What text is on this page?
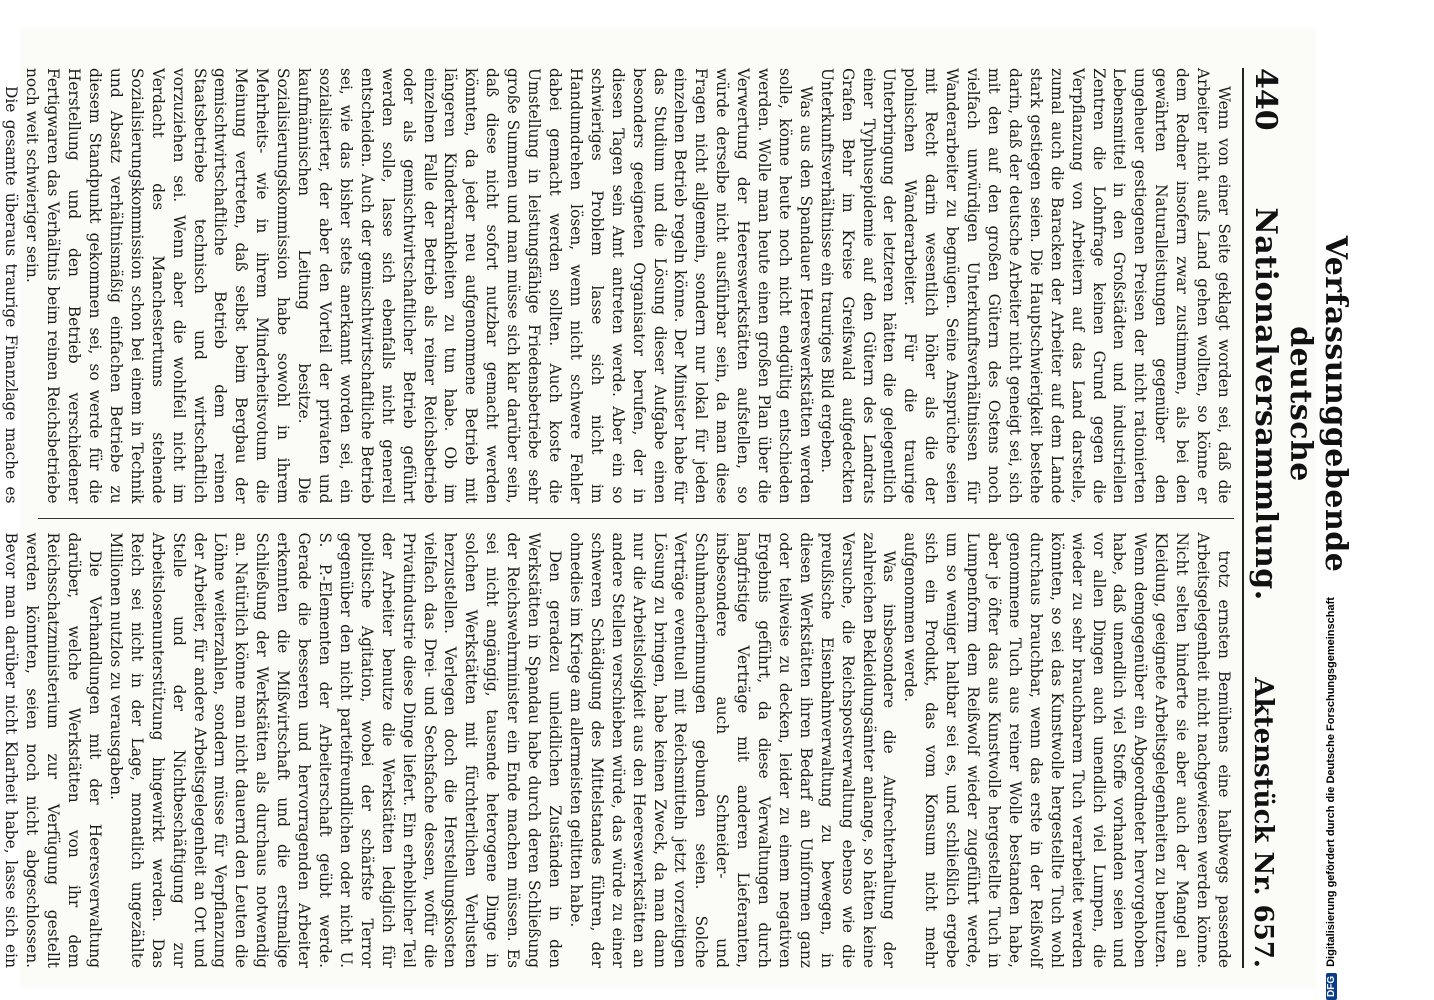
440
Verfassunggebende deutsche Nationalversammlung.
Aktenstück Nr. 657.

Wenn von einer Seite geklagt worden sei, daß die Arbeiter nicht aufs Land gehen wollten, so könne er dem Redner insofern zwar zustimmen, als bei den gewährten Naturalleistungen gegenüber den ungeheuer gestiegenen Preisen der nicht rationierten Lebensmittel in den Großstädten und industriellen Zentren die Lohnfrage keinen Grund gegen die Verpflanzung von Arbeitern auf das Land darstelle, zumal auch die Baracken der Arbeiter auf dem Lande stark gestiegen seien. Die Hauptschwierigkeit bestehe darin, daß der deutsche Arbeiter nicht geneigt sei, sich mit den auf den großen Gütern des Ostens noch vielfach unwürdigen Unterkunftsverhältnissen für Wanderarbeiter zu begnügen. Seine Ansprüche seien mit Recht darin wesentlich höher als die der polnischen Wanderarbeiter. Für die traurige Unterbringung der letzteren hätten die gelegentlich einer Typhusepidemie auf den Gütern des Landrats Grafen Behr im Kreise Greifswald aufgedeckten Unterkunftsverhältnisse ein trauriges Bild ergeben.

Was aus den Spandauer Heereswerkstätten werden solle, könne heute noch nicht endgültig entschieden werden. Wolle man heute einen großen Plan über die Verwertung der Heereswerkstätten aufstellen, so würde derselbe nicht ausführbar sein, da man diese Fragen nicht allgemein, sondern nur lokal für jeden einzelnen Betrieb regeln könne. Der Minister habe für das Studium und die Lösung dieser Aufgabe einen besonders geeigneten Organisator berufen, der in diesen Tagen sein Amt antreten werde. Aber ein so schwieriges Problem lasse sich nicht im Handumdrehen lösen, wenn nicht schwere Fehler dabei gemacht werden sollten. Auch koste die Umstellung in leistungsfähige Friedensbetriebe sehr große Summen und man müsse sich klar darüber sein, daß diese nicht sofort nutzbar gemacht werden könnten, da jeder neu aufgenommene Betrieb mit längeren Kinderkrankheiten zu tun habe. Ob im einzelnen Falle der Betrieb als reiner Reichsbetrieb oder als gemischtwirtschaftlicher Betrieb geführt werden solle, lasse sich ebenfalls nicht generell entscheiden. Auch der gemischtwirtschaftliche Betrieb sei, wie das bisher stets anerkannt worden sei, ein sozialisierter, der aber den Vorteil der privaten und kaufmännischen Leitung besitze. Die Sozialisierungskommission habe sowohl in ihrem Mehrheits- wie in ihrem Minderheitsvotum die Meinung vertreten, daß selbst beim Bergbau der gemischtwirtschaftliche Betrieb dem reinen Staatsbetriebe technisch und wirtschaftlich vorzuziehen sei. Wenn aber die wohlfeil nicht im Verdacht des Manchestertums stehende Sozialisierungskommission schon bei einem in Technik und Absatz verhältnismäßig einfachen Betriebe zu diesem Standpunkt gekommen sei, so werde für die Herstellung und den Betrieb verschiedener Fertigwaren das Verhältnis beim reinen Reichsbetriebe noch weit schwieriger sein.

Die gesamte überaus traurige Finanzlage mache es

trotz ernsten Bemühens eine halbwegs passende Arbeitsgelegenheit nicht nachgewiesen werden könne. Nicht selten hinderte sie aber auch der Mangel an Kleidung, geeignete Arbeitsgelegenheiten zu benutzen. Wenn demgegenüber ein Abgeordneter hervorgehoben habe, daß unendlich viel Stoffe vorhanden seien und vor allen Dingen auch unendlich viel Lumpen, die wieder zu sehr brauchbarem Tuch verarbeitet werden könnten, so sei das Kunstwolle hergestellte Tuch wohl durchaus brauchbar, wenn das erste in der Reißwolf genommene Tuch aus reiner Wolle bestanden habe, aber je öfter das aus Kunstwolle hergestellte Tuch in Lumpenform dem Reißwolf wieder zugeführt werde, um so weniger haltbar sei es, und schließlich ergebe sich ein Produkt, das vom Konsum nicht mehr aufgenommen werde.

Was insbesondere die Aufrechterhaltung der zahlreichen Bekleidungsämter anlange, so hätten keine Versuche, die Reichspostverwaltung ebenso wie die preußische Eisenbahnverwaltung zu bewegen, in diesen Werkstätten ihren Bedarf an Uniformen ganz oder teilweise zu decken, leider zu einem negativen Ergebnis geführt, da diese Verwaltungen durch langfristige Verträge mit anderen Lieferanten, insbesondere auch Schneider- und Schuhmacherinnungen gebunden seien. Solche Verträge eventuell mit Reichsmitteln jetzt vorzeitigen Lösung zu bringen, habe keinen Zweck, da man dann nur die Arbeitslosigkeit aus den Heereswerkstätten an andere Stellen verschieben würde, das würde zu einer schweren Schädigung des Mittelstandes führen, der ohnedies im Kriege am allermeisten gelitten habe.

Den geradezu unleidlichen Zuständen in den Werkstätten in Spandau habe durch deren Schließung der Reichswehrminister ein Ende machen müssen. Es sei nicht angängig, tausende heterogene Dinge in solchen Werkstätten mit fürchterlichen Verlusten herzustellen. Verlegen doch die Herstellungskosten vielfach das Drei- und Sechsfache dessen, wofür die Privatindustrie diese Dinge liefert. Ein erheblicher Teil der Arbeiter benutze die Werkstätten lediglich für politische Agitation, wobei der schärfste Terror gegenüber den nicht parteifreundlichen oder nicht U. S. P.-Elementen der Arbeiterschaft geübt werde. Gerade die besseren und hervorragenden Arbeiter erkennten die Mißwirtschaft und die erstmalige Schließung der Werkstätten als durchaus notwendig an. Natürlich könne man nicht dauernd den Leuten die Löhne weiterzahlen, sondern müsse für Verpflanzung der Arbeiter, für andere Arbeitsgelegenheit an Ort und Stelle und der Nichtbeschäftigung zur Arbeitslosenunterstützung hingewirkt werden. Das Reich sei nicht in der Lage, monatlich ungezählte Millionen nutzlos zu verausgaben.

Die Verhandlungen mit der Heeresverwaltung darüber, welche Werkstätten von ihr dem Reichsschatzministerium zur Verfügung gestellt werden könnten, seien noch nicht abgeschlossen. Bevor man darüber nicht Klarheit habe, lasse sich ein

DFGDigitalisierung gefördert durch die Deutsche Forschungsgemeinschaft
